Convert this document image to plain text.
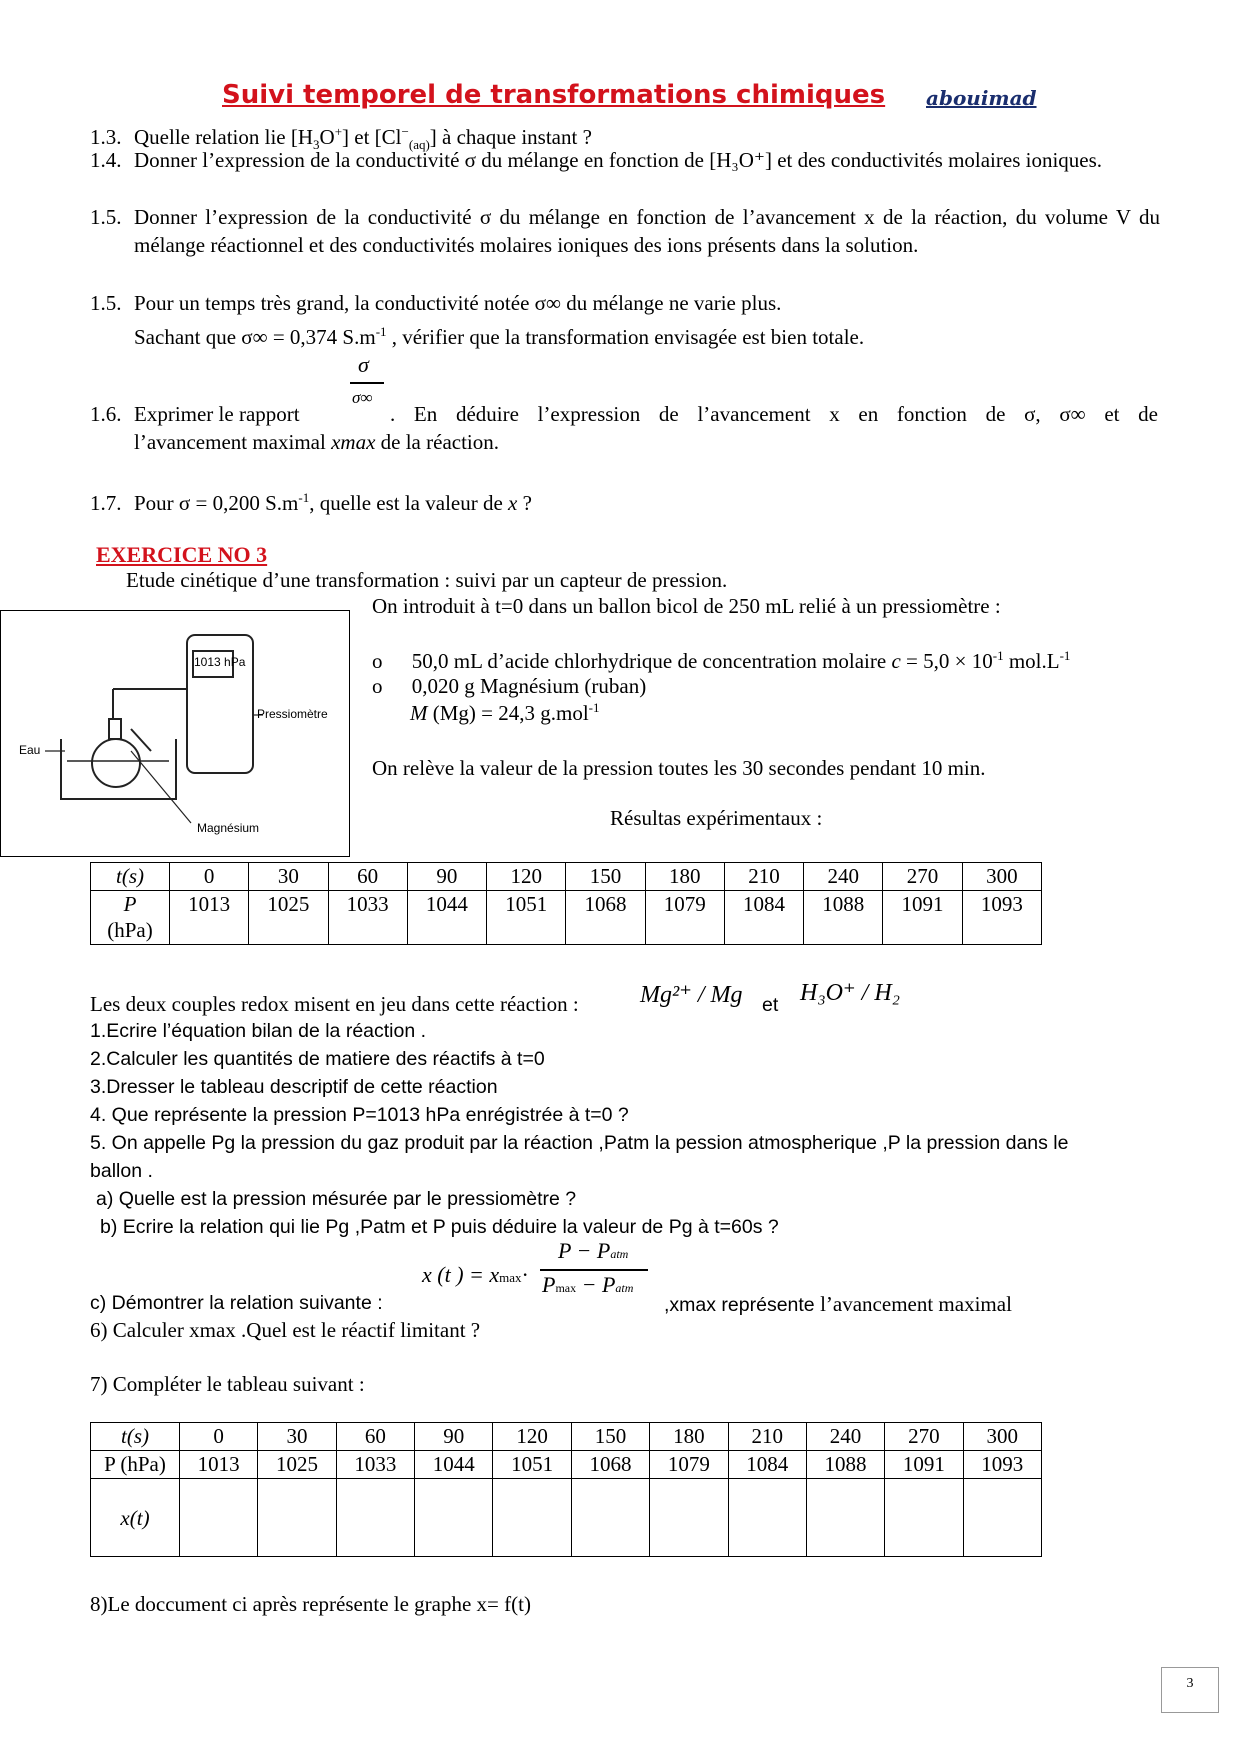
Suivi temporel de transformations chimiques abouimad
1.3. Quelle relation lie $[H_3O^+]$ et $[Cl^-_{(aq)}]$ à chaque instant ?
1.4. Donner l’expression de la conductivité σ du mélange en fonction de [H₃O⁺] et des conductivités molaires ioniques.
1.5. Donner l’expression de la conductivité σ du mélange en fonction de l’avancement x de la réaction, du volume V du mélange réactionnel et des conductivités molaires ioniques des ions présents dans la solution.
1.5. Pour un temps très grand, la conductivité notée σ∞ du mélange ne varie plus.
Sachant que σ∞ = 0,374 $S.m^{-1}$ , vérifier que la transformation envisagée est bien totale.
σ
σ∞
1.6. Exprimer le rapport	. En déduire l’expression de l’avancement x en fonction de σ, σ∞ et de
l’avancement maximal xmax de la réaction.
1.7. Pour σ = 0,200 $S.m^{-1}$, quelle est la valeur de x ?
EXERCICE NO 3
Etude cinétique d’une transformation : suivi par un capteur de pression.
On introduit à t=0 dans un ballon bicol de 250 mL relié à un pressiomètre :
o 50,0 mL d’acide chlorhydrique de concentration molaire $c = 5,0 \times 10^{-1}$ $mol.L^{-1}$
o 0,020 g Magnésium (ruban)
M (Mg) = 24,3 g.mol$^{-1}$
On relève la valeur de la pression toutes les 30 secondes pendant 10 min.
Résultas expérimentaux :
1013 hPa
Pressiomètre
Eau
Magnésium
t(s)	0	30	60	90	120	150	180	210	240	270	300
P
(hPa)	1013	1025	1033	1044	1051	1068	1079	1084	1088	1091	1093
Les deux couples redox misent en jeu dans cette réaction :	Mg²⁺ / Mg et H₃O⁺ / H₂
1.Ecrire l’équation bilan de la réaction .
2.Calculer les quantités de matiere des réactifs à t=0
3.Dresser le tableau descriptif de cette réaction
4. Que représente la pression P=1013 hPa enrégistrée à t=0 ?
5. On appelle Pg la pression du gaz produit par la réaction ,Patm la pession atmospherique ,P la pression dans le
ballon .
a) Quelle est la pression mésurée par le pressiomètre ?
b) Ecrire la relation qui lie Pg ,Patm et P puis déduire la valeur de Pg à t=60s ?
x (t ) = xmax·
P − Patm
Pmax − Patm
c) Démontrer la relation suivante :	,xmax représente l’avancement maximal
6) Calculer xmax .Quel est le réactif limitant ?
7) Compléter le tableau suivant :
t(s)	0	30	60	90	120	150	180	210	240	270	300
P (hPa)	1013	1025	1033	1044	1051	1068	1079	1084	1088	1091	1093
x(t)											
8)Le doccument ci après représente le graphe x= f(t)
3
